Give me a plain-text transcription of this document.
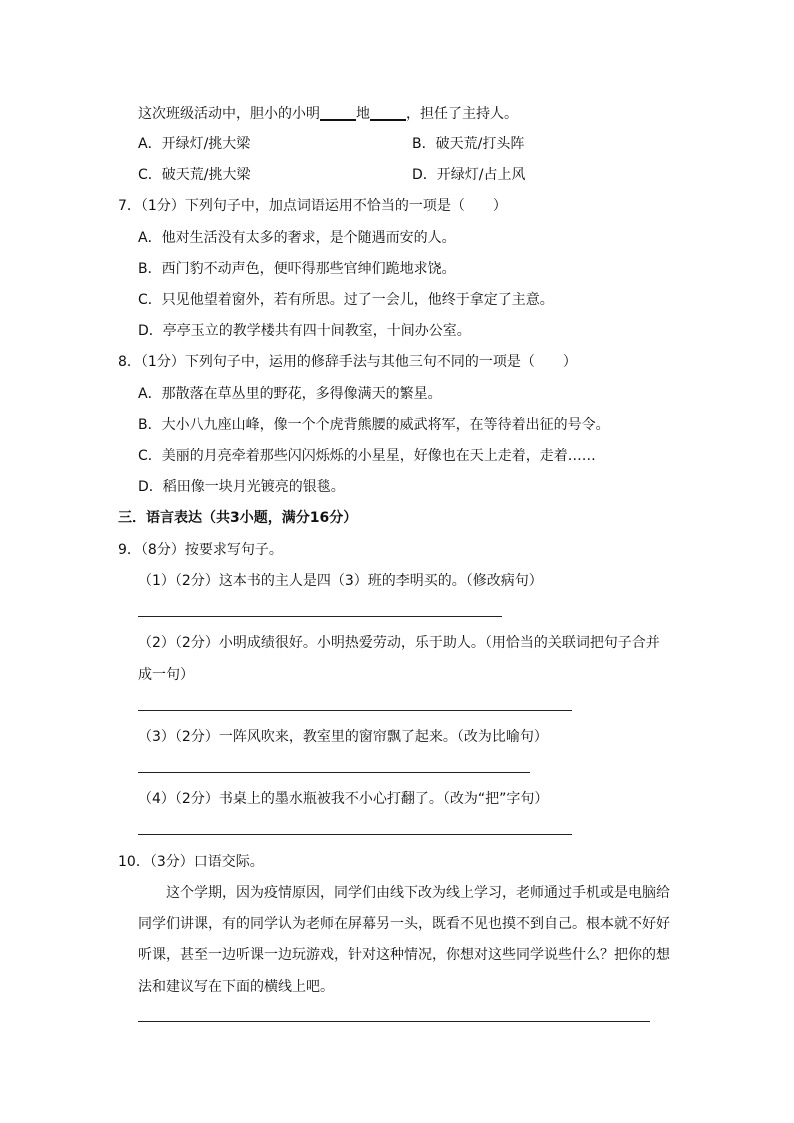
这次班级活动中，胆小的小明	地	，担任了主持人。
A．开绿灯/挑大梁	B．破天荒/打头阵
C．破天荒/挑大梁	D．开绿灯/占上风
7．（1分）下列句子中，加点词语运用不恰当的一项是（　　）
A．他对生活没有太多的奢求，是个随遇而安的人。
B．西门豹不动声色，便吓得那些官绅们跪地求饶。
C．只见他望着窗外，若有所思。过了一会儿，他终于拿定了主意。
D．亭亭玉立的教学楼共有四十间教室，十间办公室。
8．（1分）下列句子中，运用的修辞手法与其他三句不同的一项是（　　）
A．那散落在草丛里的野花，多得像满天的繁星。
B．大小八九座山峰，像一个个虎背熊腰的威武将军，在等待着出征的号令。
C．美丽的月亮牵着那些闪闪烁烁的小星星，好像也在天上走着，走着……
D．稻田像一块月光镀亮的银毯。
三．语言表达（共3小题，满分16分）
9．（8分）按要求写句子。
（1）（2分）这本书的主人是四（3）班的李明买的。（修改病句）
（2）（2分）小明成绩很好。小明热爱劳动，乐于助人。（用恰当的关联词把句子合并
成一句）
（3）（2分）一阵风吹来，教室里的窗帘飘了起来。（改为比喻句）
（4）（2分）书桌上的墨水瓶被我不小心打翻了。（改为“把”字句）
10．（3分）口语交际。
这个学期，因为疫情原因，同学们由线下改为线上学习，老师通过手机或是电脑给
同学们讲课，有的同学认为老师在屏幕另一头，既看不见也摸不到自己。根本就不好好
听课，甚至一边听课一边玩游戏，针对这种情况，你想对这些同学说些什么？把你的想
法和建议写在下面的横线上吧。
